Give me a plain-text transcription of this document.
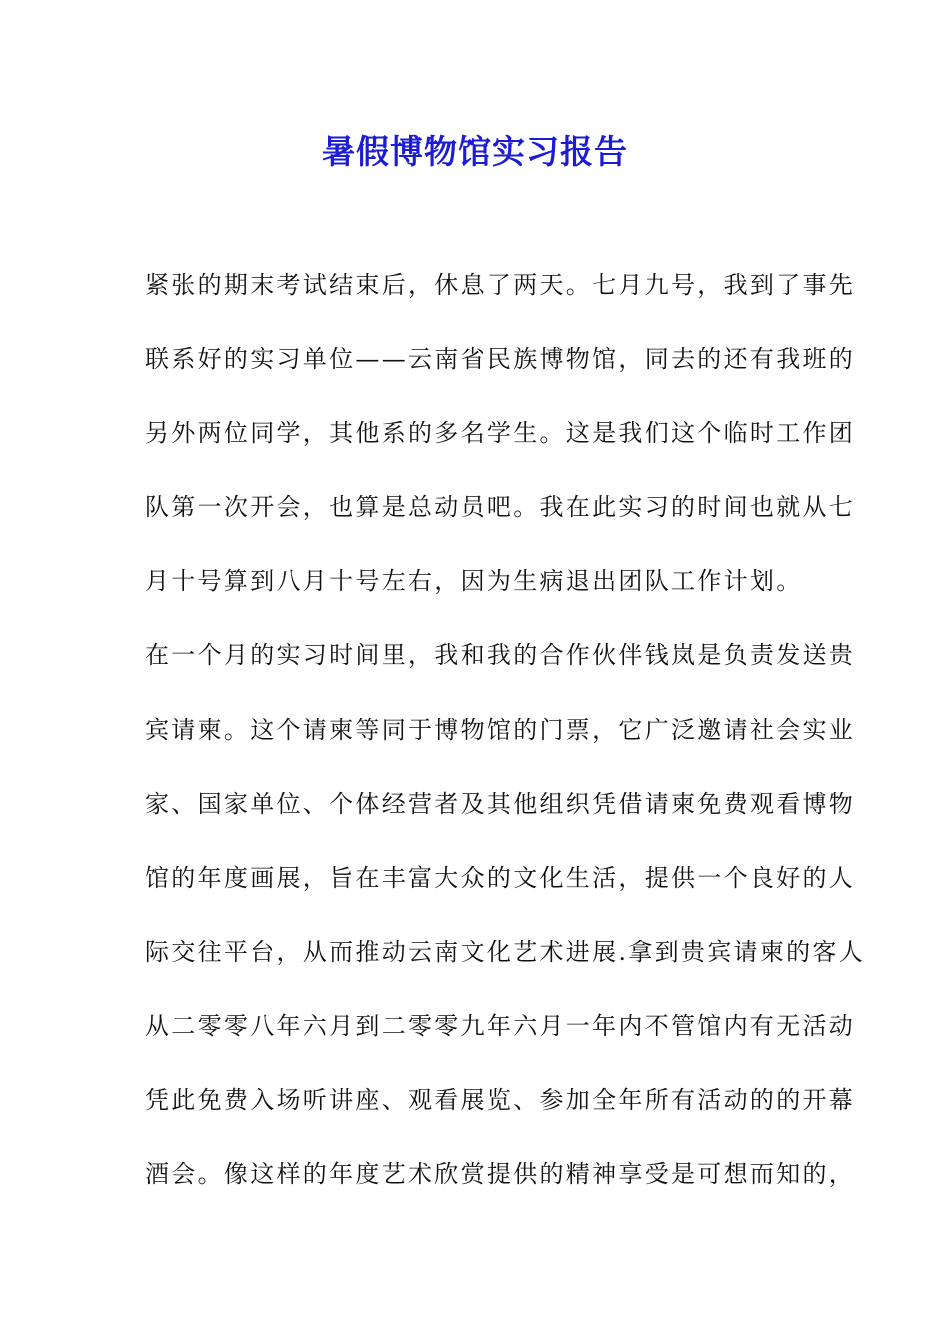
暑假博物馆实习报告
紧张的期末考试结束后，休息了两天。七月九号，我到了事先
联系好的实习单位——云南省民族博物馆，同去的还有我班的
另外两位同学，其他系的多名学生。这是我们这个临时工作团
队第一次开会，也算是总动员吧。我在此实习的时间也就从七
月十号算到八月十号左右，因为生病退出团队工作计划。
在一个月的实习时间里，我和我的合作伙伴钱岚是负责发送贵
宾请柬。这个请柬等同于博物馆的门票，它广泛邀请社会实业
家、国家单位、个体经营者及其他组织凭借请柬免费观看博物
馆的年度画展，旨在丰富大众的文化生活，提供一个良好的人
际交往平台，从而推动云南文化艺术进展.拿到贵宾请柬的客人
从二零零八年六月到二零零九年六月一年内不管馆内有无活动
凭此免费入场听讲座、观看展览、参加全年所有活动的的开幕
酒会。像这样的年度艺术欣赏提供的精神享受是可想而知的，
